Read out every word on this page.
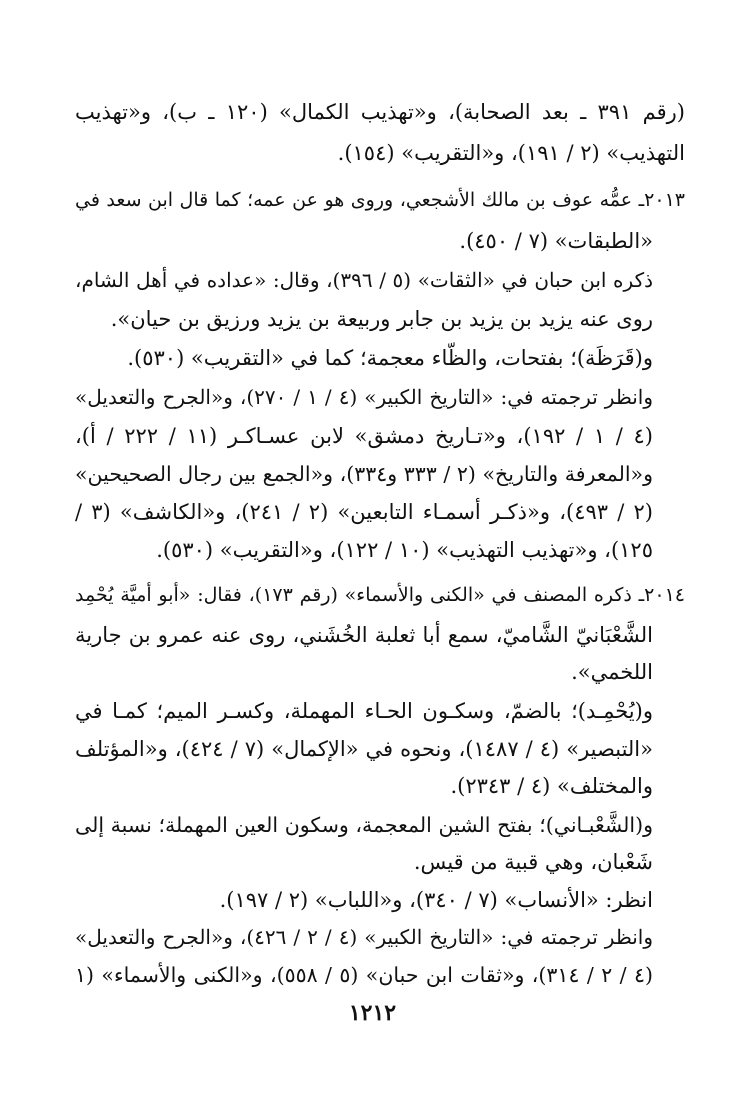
(رقم ٣٩١ ـ بعد الصحابة)، و«تهذيب الكمال» (١٢٠ ـ ب)، و«تهذيب
التهذيب» (٢ / ١٩١)، و«التقريب» (١٥٤).
٢٠١٣ـ عمُّه عوف بن مالك الأشجعي، وروى هو عن عمه؛ كما قال ابن سعد في
«الطبقات» (٧ / ٤٥٠).
ذكره ابن حبان في «الثقات» (٥ / ٣٩٦)، وقال: «عداده في أهل الشام،
روى عنه يزيد بن يزيد بن جابر وربيعة بن يزيد ورزيق بن حيان».
و(قَرَظَة)؛ بفتحات، والظَّاء معجمة؛ كما في «التقريب» (٥٣٠).
وانظر ترجمته في: «التاريخ الكبير» (٤ / ١ / ٢٧٠)، و«الجرح والتعديل»
(٤ / ١ / ١٩٢)، و«تـاريخ دمشق» لابن عسـاكـر (١١ / ٢٢٢ / أ)،
و«المعرفة والتاريخ» (٢ / ٣٣٣ و٣٣٤)، و«الجمع بين رجال الصحيحين»
(٢ / ٤٩٣)، و«ذكـر أسمـاء التابعين» (٢ / ٢٤١)، و«الكاشف» (٣ /
١٢٥)، و«تهذيب التهذيب» (١٠ / ١٢٢)، و«التقريب» (٥٣٠).
٢٠١٤ـ ذكره المصنف في «الكنى والأسماء» (رقم ١٧٣)، فقال: «أبو أميَّة يُحْمِد
الشَّعْبَانيّ الشَّاميّ، سمع أبا ثعلبة الخُشَني، روى عنه عمرو بن جارية
اللخمي».
و(يُحْمِـد)؛ بالضمّ، وسكـون الحـاء المهملة، وكسـر الميم؛ كمـا في
«التبصير» (٤ / ١٤٨٧)، ونحوه في «الإكمال» (٧ / ٤٢٤)، و«المؤتلف
والمختلف» (٤ / ٢٣٤٣).
و(الشَّعْبـاني)؛ بفتح الشين المعجمة، وسكون العين المهملة؛ نسبة إلى
شَعْبان، وهي قبية من قيس.
انظر: «الأنساب» (٧ / ٣٤٠)، و«اللباب» (٢ / ١٩٧).
وانظر ترجمته في: «التاريخ الكبير» (٤ / ٢ / ٤٢٦)، و«الجرح والتعديل»
(٤ / ٢ / ٣١٤)، و«ثقات ابن حبان» (٥ / ٥٥٨)، و«الكنى والأسماء» (١
١٢١٢
